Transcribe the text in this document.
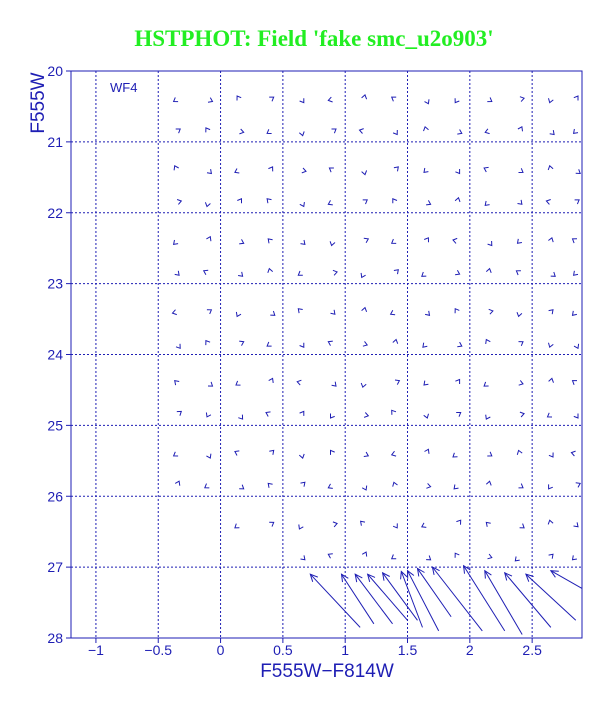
HSTPHOT: Field 'fake smc_u2o903'
−1	−0.5	0	0.5	1	1.5	2	2.5
20
21
22
23
24
25
26
27
28
WF4
F555W−F814W
F555W
